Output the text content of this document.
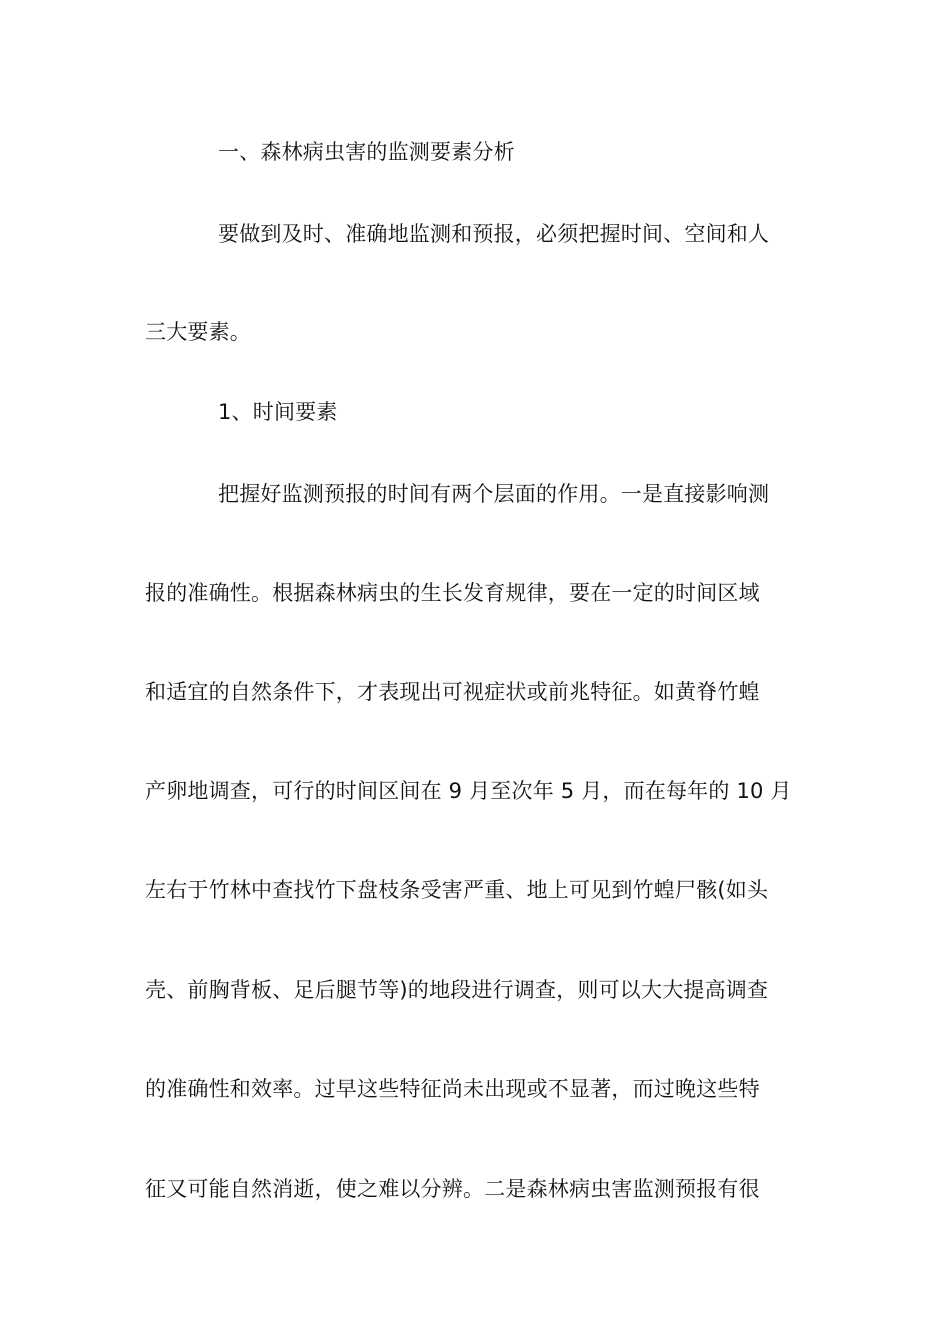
一、森林病虫害的监测要素分析
要做到及时、准确地监测和预报，必须把握时间、空间和人
三大要素。
1、时间要素
把握好监测预报的时间有两个层面的作用。一是直接影响测
报的准确性。根据森林病虫的生长发育规律，要在一定的时间区域
和适宜的自然条件下，才表现出可视症状或前兆特征。如黄脊竹蝗
产卵地调查，可行的时间区间在 9 月至次年 5 月，而在每年的 10 月
左右于竹林中查找竹下盘枝条受害严重、地上可见到竹蝗尸骸(如头
壳、前胸背板、足后腿节等)的地段进行调查，则可以大大提高调查
的准确性和效率。过早这些特征尚未出现或不显著，而过晚这些特
征又可能自然消逝，使之难以分辨。二是森林病虫害监测预报有很
